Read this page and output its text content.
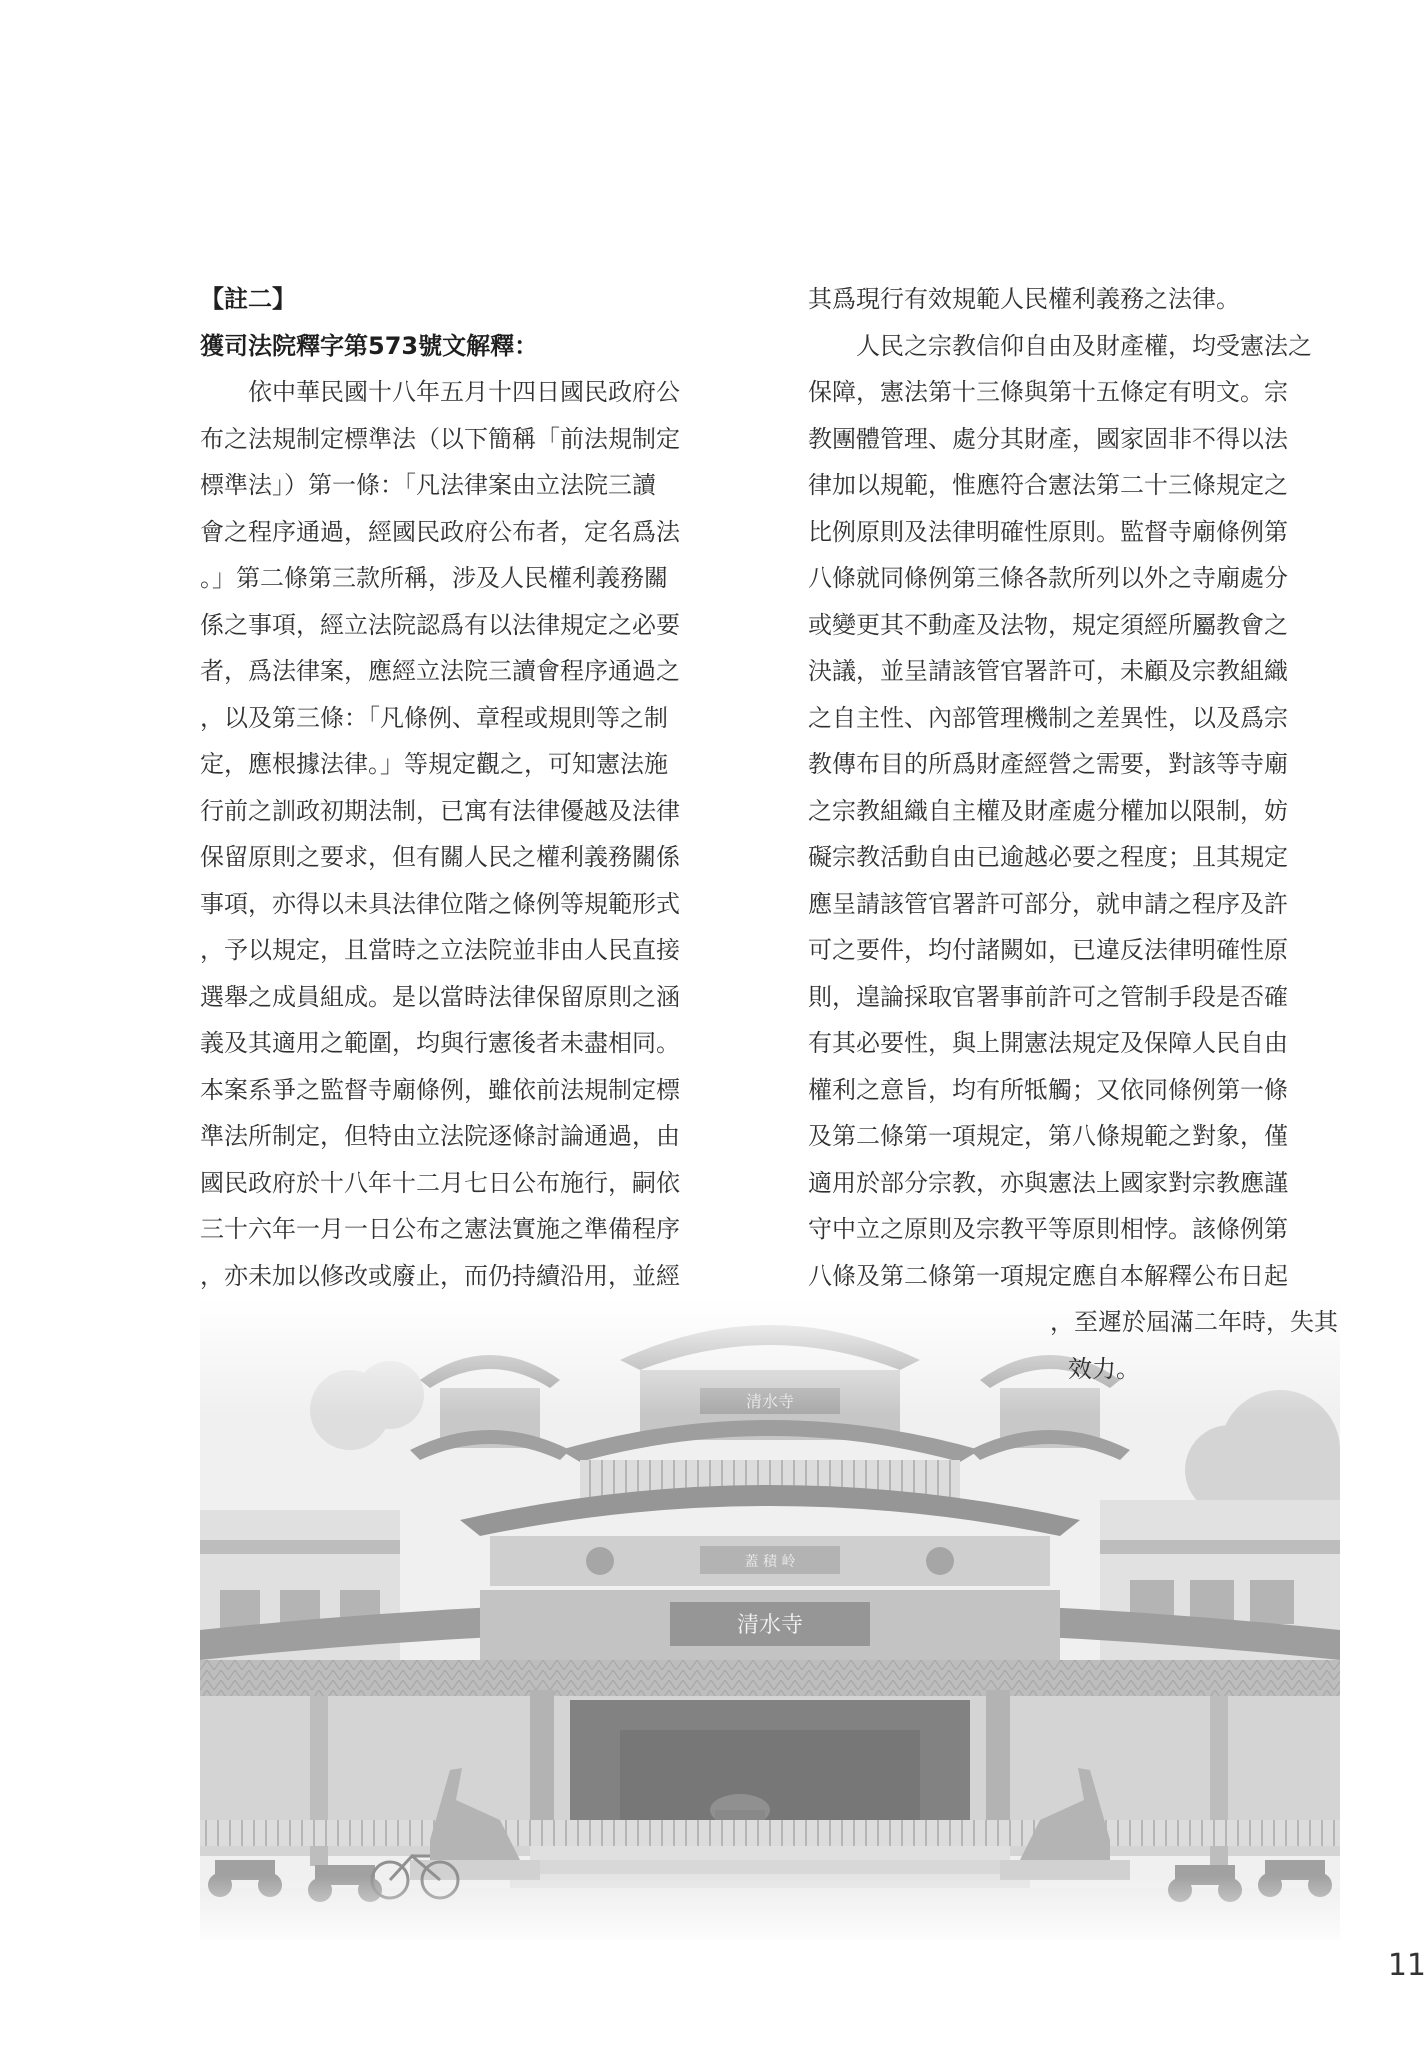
【註二】
獲司法院釋字第573號文解釋：
依中華民國十八年五月十四日國民政府公
布之法規制定標準法（以下簡稱「前法規制定
標準法」）第一條：「凡法律案由立法院三讀
會之程序通過，經國民政府公布者，定名爲法
。」第二條第三款所稱，涉及人民權利義務關
係之事項，經立法院認爲有以法律規定之必要
者，爲法律案，應經立法院三讀會程序通過之
，以及第三條：「凡條例、章程或規則等之制
定，應根據法律。」等規定觀之，可知憲法施
行前之訓政初期法制，已寓有法律優越及法律
保留原則之要求，但有關人民之權利義務關係
事項，亦得以未具法律位階之條例等規範形式
，予以規定，且當時之立法院並非由人民直接
選舉之成員組成。是以當時法律保留原則之涵
義及其適用之範圍，均與行憲後者未盡相同。
本案系爭之監督寺廟條例，雖依前法規制定標
準法所制定，但特由立法院逐條討論通過，由
國民政府於十八年十二月七日公布施行，嗣依
三十六年一月一日公布之憲法實施之準備程序
，亦未加以修改或廢止，而仍持續沿用，並經
其爲現行有效規範人民權利義務之法律。
人民之宗教信仰自由及財產權，均受憲法之
保障，憲法第十三條與第十五條定有明文。宗
教團體管理、處分其財產，國家固非不得以法
律加以規範，惟應符合憲法第二十三條規定之
比例原則及法律明確性原則。監督寺廟條例第
八條就同條例第三條各款所列以外之寺廟處分
或變更其不動產及法物，規定須經所屬教會之
決議，並呈請該管官署許可，未顧及宗教組織
之自主性、內部管理機制之差異性，以及爲宗
教傳布目的所爲財產經營之需要，對該等寺廟
之宗教組織自主權及財產處分權加以限制，妨
礙宗教活動自由已逾越必要之程度；且其規定
應呈請該管官署許可部分，就申請之程序及許
可之要件，均付諸闕如，已違反法律明確性原
則，遑論採取官署事前許可之管制手段是否確
有其必要性，與上開憲法規定及保障人民自由
權利之意旨，均有所牴觸；又依同條例第一條
及第二條第一項規定，第八條規範之對象，僅
適用於部分宗教，亦與憲法上國家對宗教應謹
守中立之原則及宗教平等原則相悖。該條例第
八條及第二條第一項規定應自本解釋公布日起
，至遲於屆滿二年時，失其
效力。
11
